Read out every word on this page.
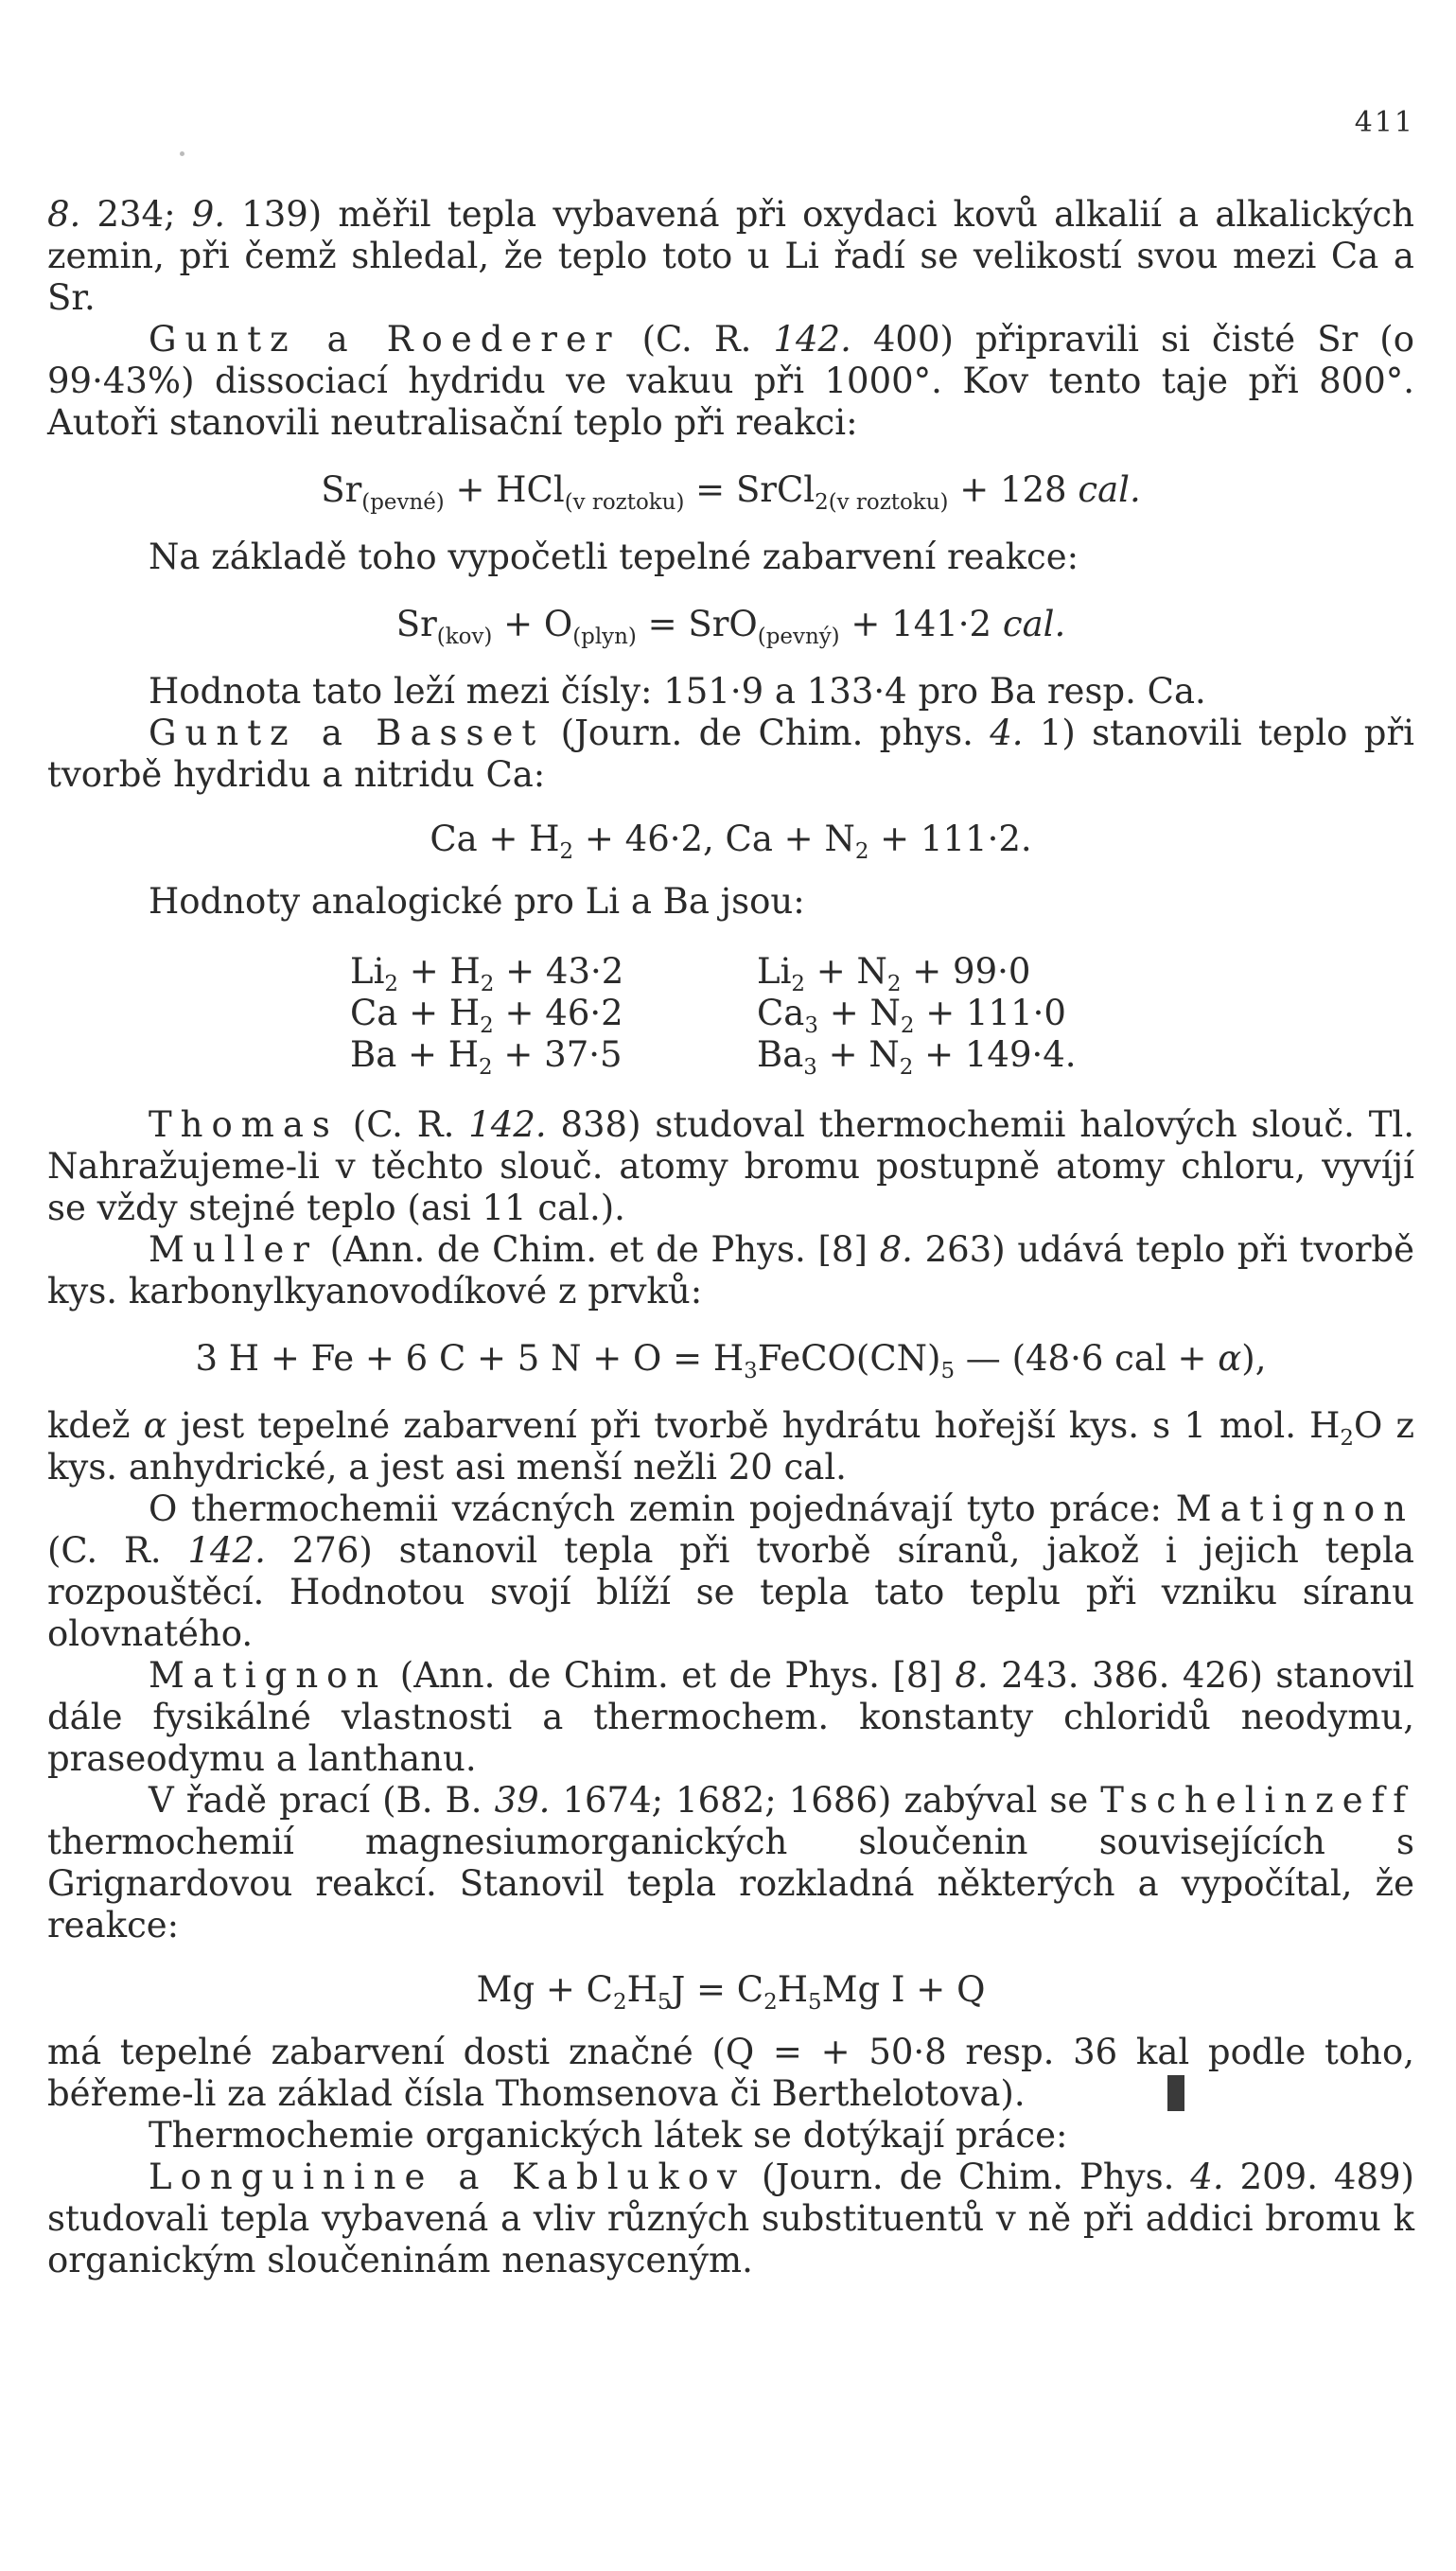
411

8. 234; 9. 139) měřil tepla vybavená při oxydaci kovů alkalií a alkalických zemin, při čemž shledal, že teplo toto u Li řadí se velikostí svou mezi Ca a Sr.

Guntz a Roederer (C. R. 142. 400) připravili si čisté Sr (o 99·43%) dissociací hydridu ve vakuu při 1000°. Kov tento taje při 800°. Autoři stanovili neutralisační teplo při reakci:

$Sr_{(pevné)} + HCl_{(v roztoku)}$ = SrCl$_{2(v roztoku)}$ + 128 cal.

Na základě toho vypočetli tepelné zabarvení reakce:

$Sr_{(kov)} + O_{(plyn)} = SrO_{(pevný)} + 141\cdot 2$ cal.

Hodnota tato leží mezi čísly: 151·9 a 133·4 pro Ba resp. Ca.

Guntz a Basset (Journ. de Chim. phys. 4. 1) stanovili teplo při tvorbě hydridu a nitridu Ca:

$Ca + H_2 + 46\cdot 2$, $Ca + N_2 + 111\cdot 2$.

Hodnoty analogické pro Li a Ba jsou:

$Li_2 + H_2 + 43\cdot 2$	$Li_2 + N_2 + 99\cdot 0$
$Ca + H_2 + 46\cdot 2$	$Ca_3 + N_2 + 111\cdot 0$
$Ba + H_2 + 37\cdot 5$	$Ba_3 + N_2 + 149\cdot 4$.

Thomas (C. R. 142. 838) studoval thermochemii halových slouč. Tl. Nahražujeme-li v těchto slouč. atomy bromu postupně atomy chloru, vyvíjí se vždy stejné teplo (asi 11 cal.).

Muller (Ann. de Chim. et de Phys. [8] 8. 263) udává teplo při tvorbě kys. karbonylkyanovodíkové z prvků:

3 H + Fe + 6 C + 5 $N + O = H_3FeCO(CN)_5$ — (48·6 cal + α),

kdež α jest tepelné zabarvení při tvorbě hydrátu hořejší kys. s 1 mol. $H_2O$ z kys. anhydrické, a jest asi menší nežli 20 cal.

O thermochemii vzácných zemin pojednávají tyto práce: Matignon (C. R. 142. 276) stanovil tepla při tvorbě síranů, jakož i jejich tepla rozpouštěcí. Hodnotou svojí blíží se tepla tato teplu při vzniku síranu olovnatého.

Matignon (Ann. de Chim. et de Phys. [8] 8. 243. 386. 426) stanovil dále fysikálné vlastnosti a thermochem. konstanty chloridů neodymu, praseodymu a lanthanu.

V řadě prací (B. B. 39. 1674; 1682; 1686) zabýval se Tschelinzeff thermochemií magnesiumorganických sloučenin souvisejících s Grignardovou reakcí. Stanovil tepla rozkladná některých a vypočítal, že reakce:

$Mg + C_2H_5J = C_2H_5Mg$ I + Q

má tepelné zabarvení dosti značné (Q = + 50·8 resp. 36 kal podle toho, béřeme-li za základ čísla Thomsenova či Berthelotova).

Thermochemie organických látek se dotýkají práce:

Longuinine a Kablukov (Journ. de Chim. Phys. 4. 209. 489) studovali tepla vybavená a vliv různých substituentů v ně při addici bromu k organickým sloučeninám nenasyceným.
